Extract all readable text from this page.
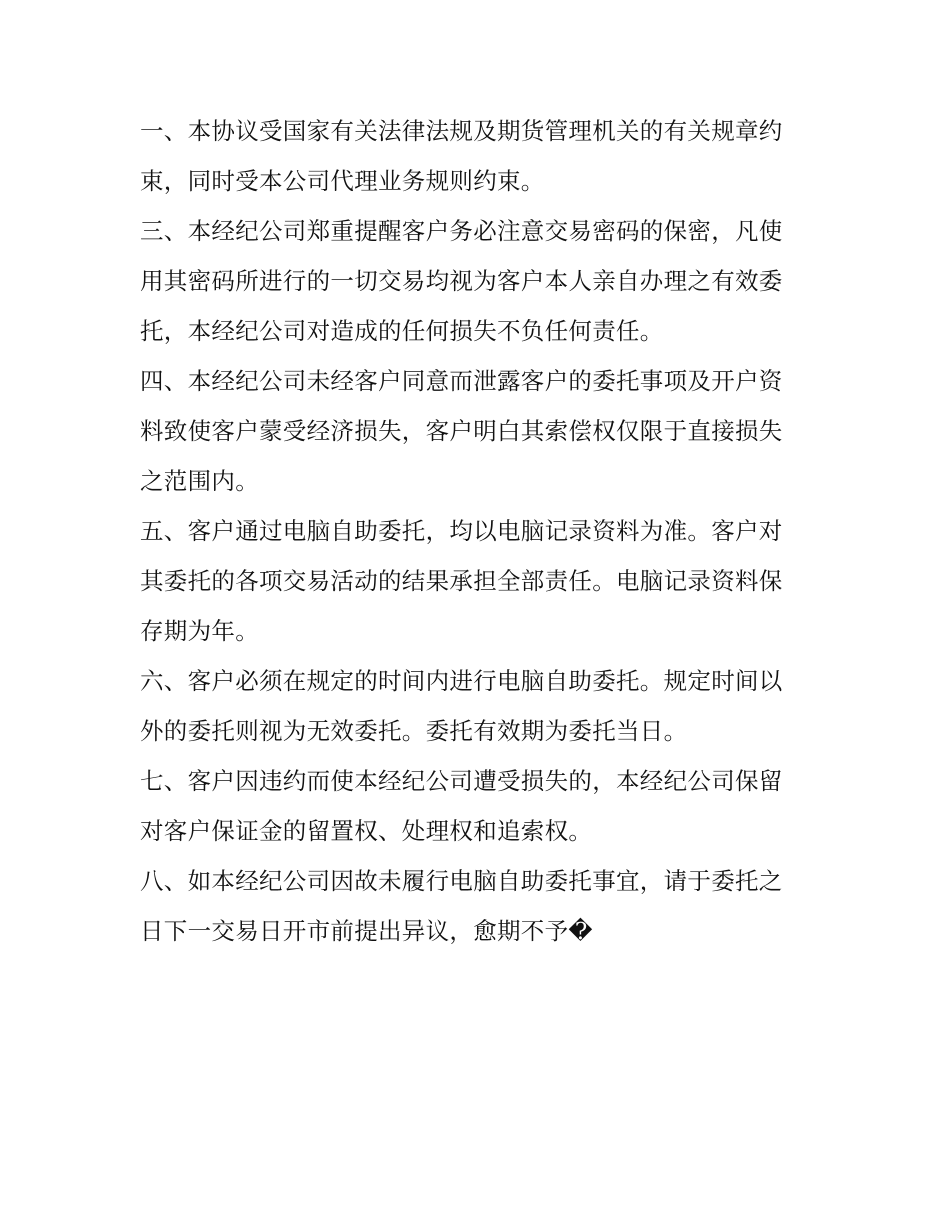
一、本协议受国家有关法律法规及期货管理机关的有关规章约
束，同时受本公司代理业务规则约束。
三、本经纪公司郑重提醒客户务必注意交易密码的保密，凡使
用其密码所进行的一切交易均视为客户本人亲自办理之有效委
托，本经纪公司对造成的任何损失不负任何责任。
四、本经纪公司未经客户同意而泄露客户的委托事项及开户资
料致使客户蒙受经济损失，客户明白其索偿权仅限于直接损失
之范围内。
五、客户通过电脑自助委托，均以电脑记录资料为准。客户对
其委托的各项交易活动的结果承担全部责任。电脑记录资料保
存期为年。
六、客户必须在规定的时间内进行电脑自助委托。规定时间以
外的委托则视为无效委托。委托有效期为委托当日。
七、客户因违约而使本经纪公司遭受损失的，本经纪公司保留
对客户保证金的留置权、处理权和追索权。
八、如本经纪公司因故未履行电脑自助委托事宜，请于委托之
日下一交易日开市前提出异议，愈期不予�
